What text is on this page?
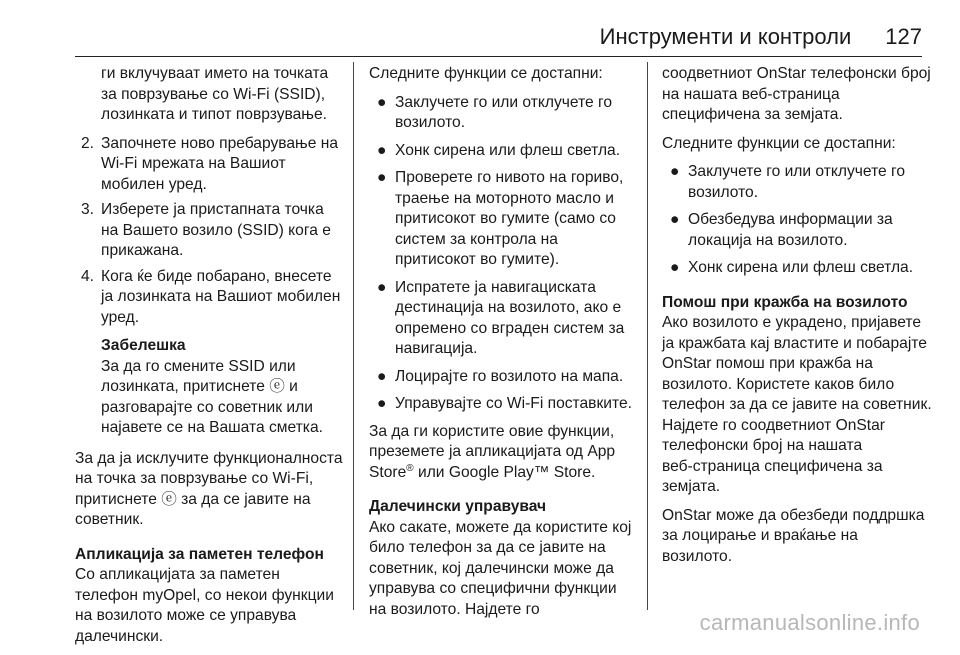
Инструменти и контроли 127

ги вклучуваат името на точката за поврзување со Wi‑Fi (SSID), лозинката и типот поврзување.

2. Започнете ново пребарување на Wi‑Fi мрежата на Вашиот мобилен уред.
3. Изберете ја пристапната точка на Вашето возило (SSID) кога е прикажана.
4. Кога ќе биде побарано, внесете ја лозинката на Вашиот мобилен уред.

Забелешка

За да го смените SSID или лозинката, притиснете ⓔ и разговарајте со советник или најавете се на Вашата сметка.

За да ја исклучите функционалноста на точка за поврзување со Wi‑Fi, притиснете ⓔ за да се јавите на советник.

Апликација за паметен телефон

Со апликацијата за паметен телефон myOpel, со некои функции на возилото може се управува далечински.

Следните функции се достапни:

● Заклучете го или отклучете го возилото.
● Хонк сирена или флеш светла.
● Проверете го нивото на гориво, траење на моторното масло и притисокот во гумите (само со систем за контрола на притисокот во гумите).
● Испратете ја навигациската дестинација на возилото, ако е опремено со вграден систем за навигација.
● Лоцирајте го возилото на мапа.
● Управувајте со Wi‑Fi поставките.

За да ги користите овие функции, преземете ја апликацијата од App Store® или Google Play™ Store.

Далечински управувач

Ако сакате, можете да користите кој било телефон за да се јавите на советник, кој далечински може да управува со специфични функции на возилото. Најдете го

соодветниот OnStar телефонски број на нашата веб‑страница специфичена за земјата.

Следните функции се достапни:

● Заклучете го или отклучете го возилото.
● Обезбедува информации за локација на возилото.
● Хонк сирена или флеш светла.

Помош при кражба на возилото

Ако возилото е украдено, пријавете ја кражбата кај властите и побарајте OnStar помош при кражба на возилото. Користете каков било телефон за да се јавите на советник. Најдете го соодветниот OnStar телефонски број на нашата веб‑страница специфичена за земјата.

OnStar може да обезбеди поддршка за лоцирање и враќање на возилото.

carmanualsonline.info
